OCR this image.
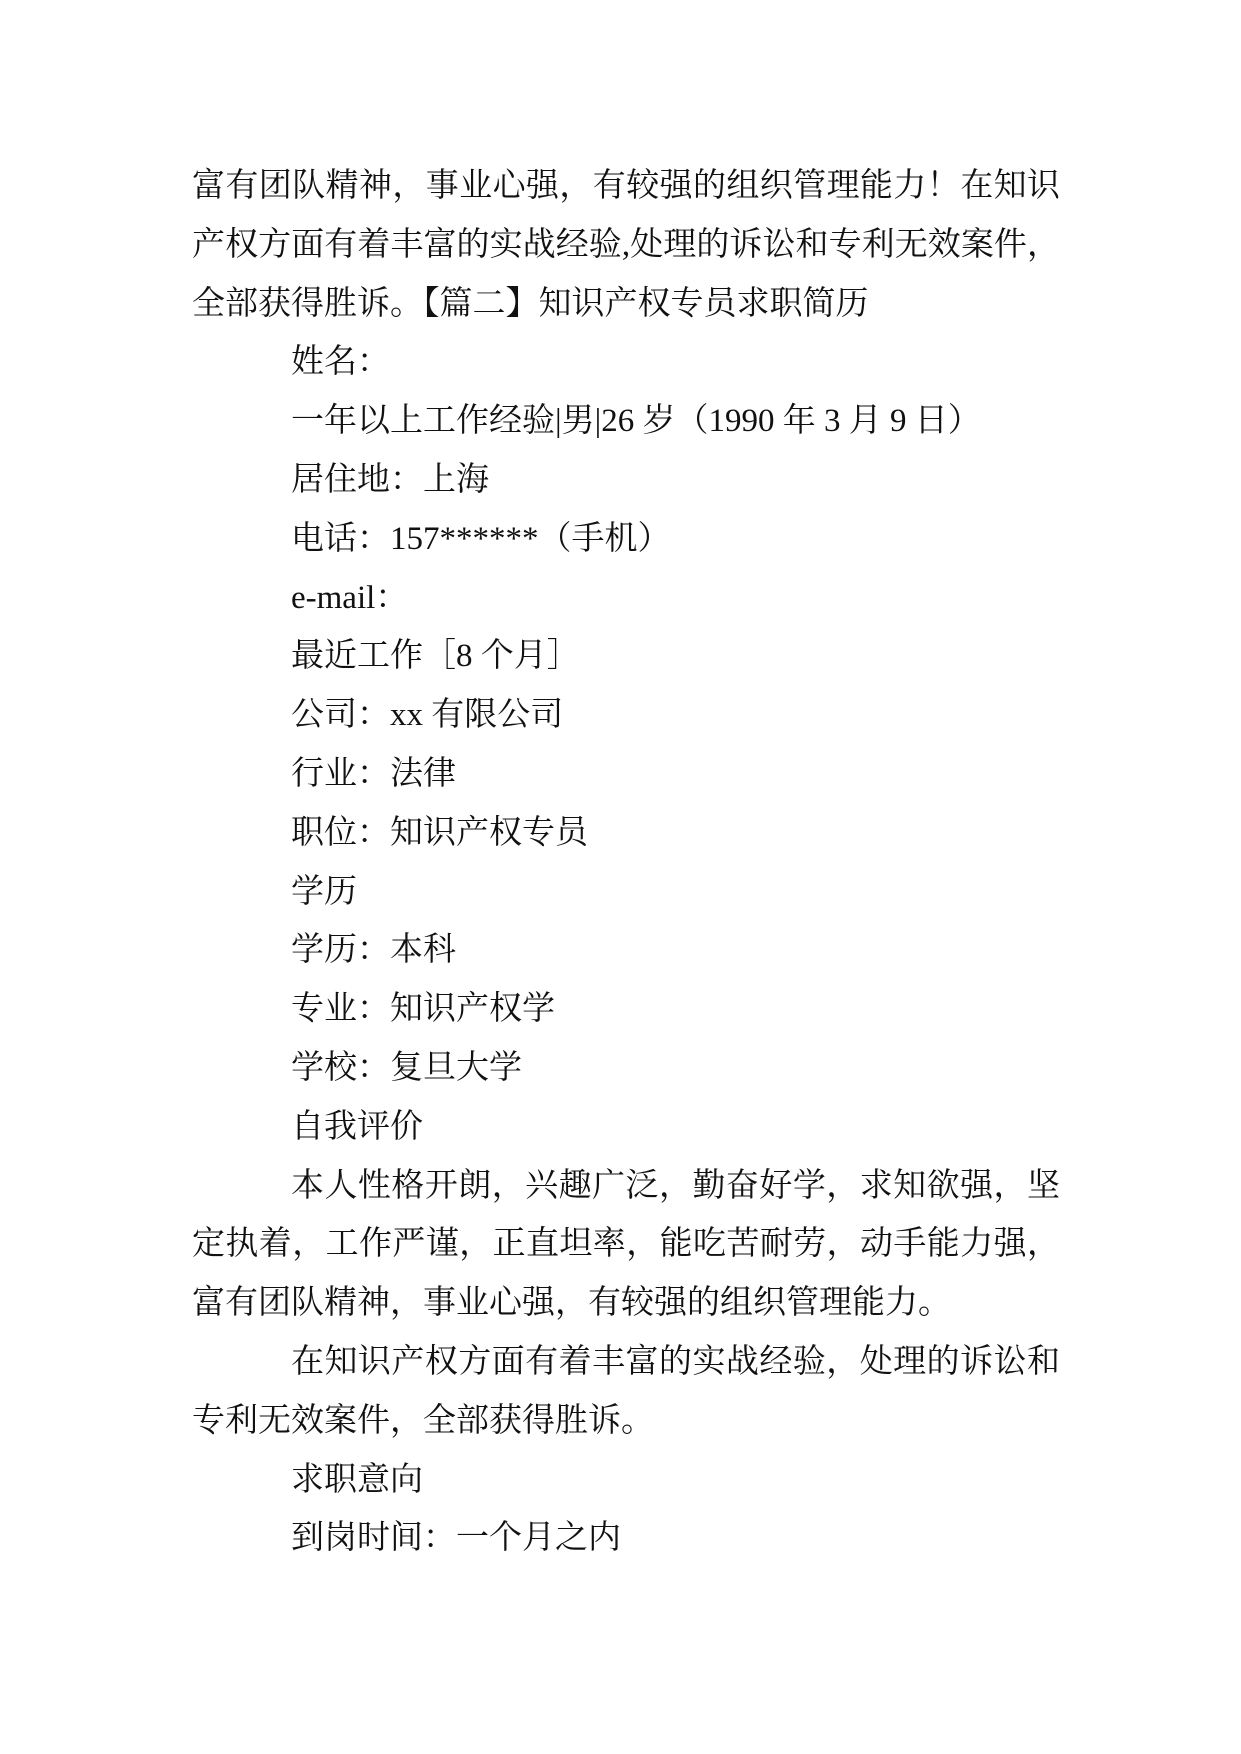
富有团队精神，事业心强，有较强的组织管理能力！在知识
产权方面有着丰富的实战经验,处理的诉讼和专利无效案件，
全部获得胜诉。【篇二】知识产权专员求职简历
姓名：
一年以上工作经验|男|26 岁（1990 年 3 月 9 日）
居住地：上海
电话：157******（手机）
e-mail：
最近工作［8 个月］
公司：xx 有限公司
行业：法律
职位：知识产权专员
学历
学历：本科
专业：知识产权学
学校：复旦大学
自我评价
本人性格开朗，兴趣广泛，勤奋好学，求知欲强，坚
定执着，工作严谨，正直坦率，能吃苦耐劳，动手能力强，
富有团队精神，事业心强，有较强的组织管理能力。
在知识产权方面有着丰富的实战经验，处理的诉讼和
专利无效案件，全部获得胜诉。
求职意向
到岗时间：一个月之内
